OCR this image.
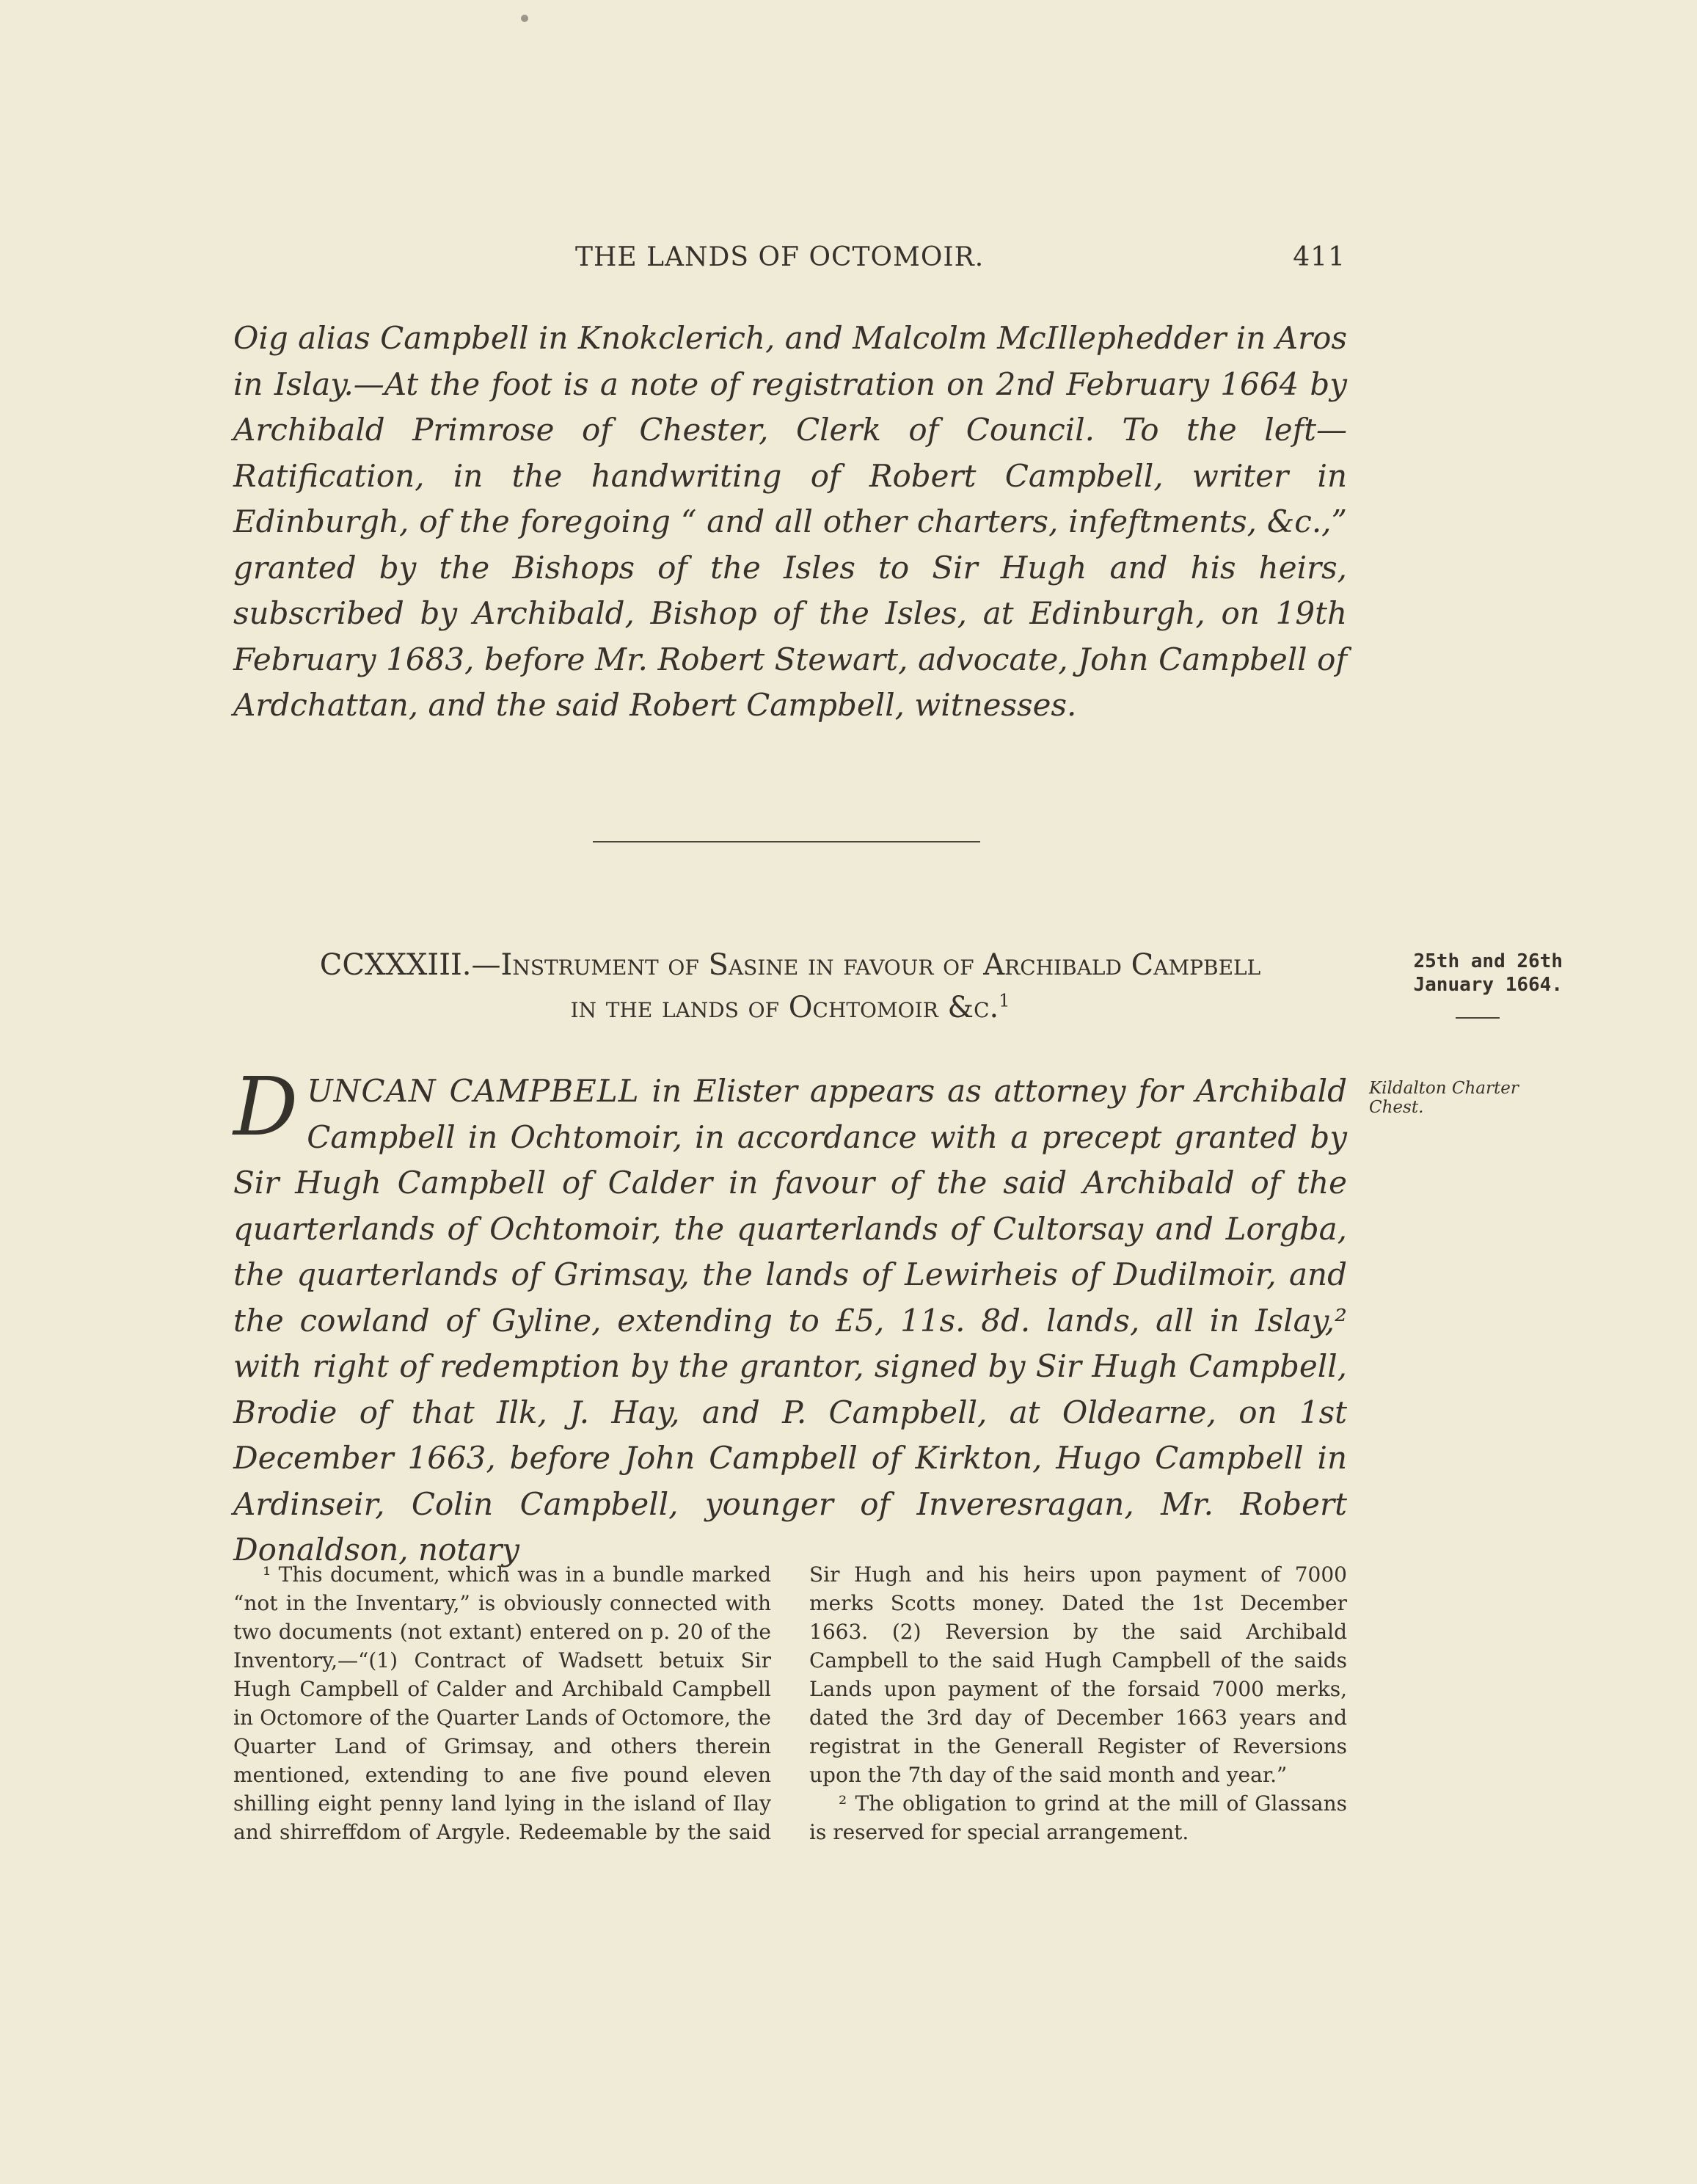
THE LANDS OF OCTOMOIR.	411
Oig alias Campbell in Knokclerich, and Malcolm McIllephedder in Aros in Islay.—At the foot is a note of registration on 2nd February 1664 by Archibald Primrose of Chester, Clerk of Council. To the left—Ratification, in the handwriting of Robert Campbell, writer in Edinburgh, of the foregoing “ and all other charters, infeftments, &c.,” granted by the Bishops of the Isles to Sir Hugh and his heirs, subscribed by Archibald, Bishop of the Isles, at Edinburgh, on 19th February 1683, before Mr. Robert Stewart, advocate, John Campbell of Ardchattan, and the said Robert Campbell, witnesses.
CCXXXIII.—Instrument of Sasine in favour of Archibald Campbell
in the lands of Ochtomoir &c.$^1$
25th and 26th
January 1664.
Kildalton Charter
Chest.
DUNCAN CAMPBELL in Elister appears as attorney for Archibald Campbell in Ochtomoir, in accordance with a precept granted by Sir Hugh Campbell of Calder in favour of the said Archibald of the quarterlands of Ochtomoir, the quarterlands of Cultorsay and Lorgba, the quarterlands of Grimsay, the lands of Lewirheis of Dudilmoir, and the cowland of Gyline, extending to £5, 11s. 8d. lands, all in Islay,² with right of redemption by the grantor, signed by Sir Hugh Campbell, Brodie of that Ilk, J. Hay, and P. Campbell, at Oldearne, on 1st December 1663, before John Campbell of Kirkton, Hugo Campbell in Ardinseir, Colin Campbell, younger of Inveresragan, Mr. Robert Donaldson, notary

¹ This document, which was in a bundle marked “not in the Inventary,” is obviously connected with two documents (not extant) entered on p. 20 of the Inventory,—“(1) Contract of Wadsett betuix Sir Hugh Campbell of Calder and Archibald Campbell in Octomore of the Quarter Lands of Octomore, the Quarter Land of Grimsay, and others therein mentioned, extending to ane five pound eleven shilling eight penny land lying in the island of Ilay and shirreffdom of Argyle. Redeemable by the said Sir Hugh and his heirs upon payment of 7000 merks Scotts money. Dated the 1st December 1663. (2) Reversion by the said Archibald Campbell to the said Hugh Campbell of the saids Lands upon payment of the forsaid 7000 merks, dated the 3rd day of December 1663 years and registrat in the Generall Register of Reversions upon the 7th day of the said month and year.”

² The obligation to grind at the mill of Glassans is reserved for special arrangement.
